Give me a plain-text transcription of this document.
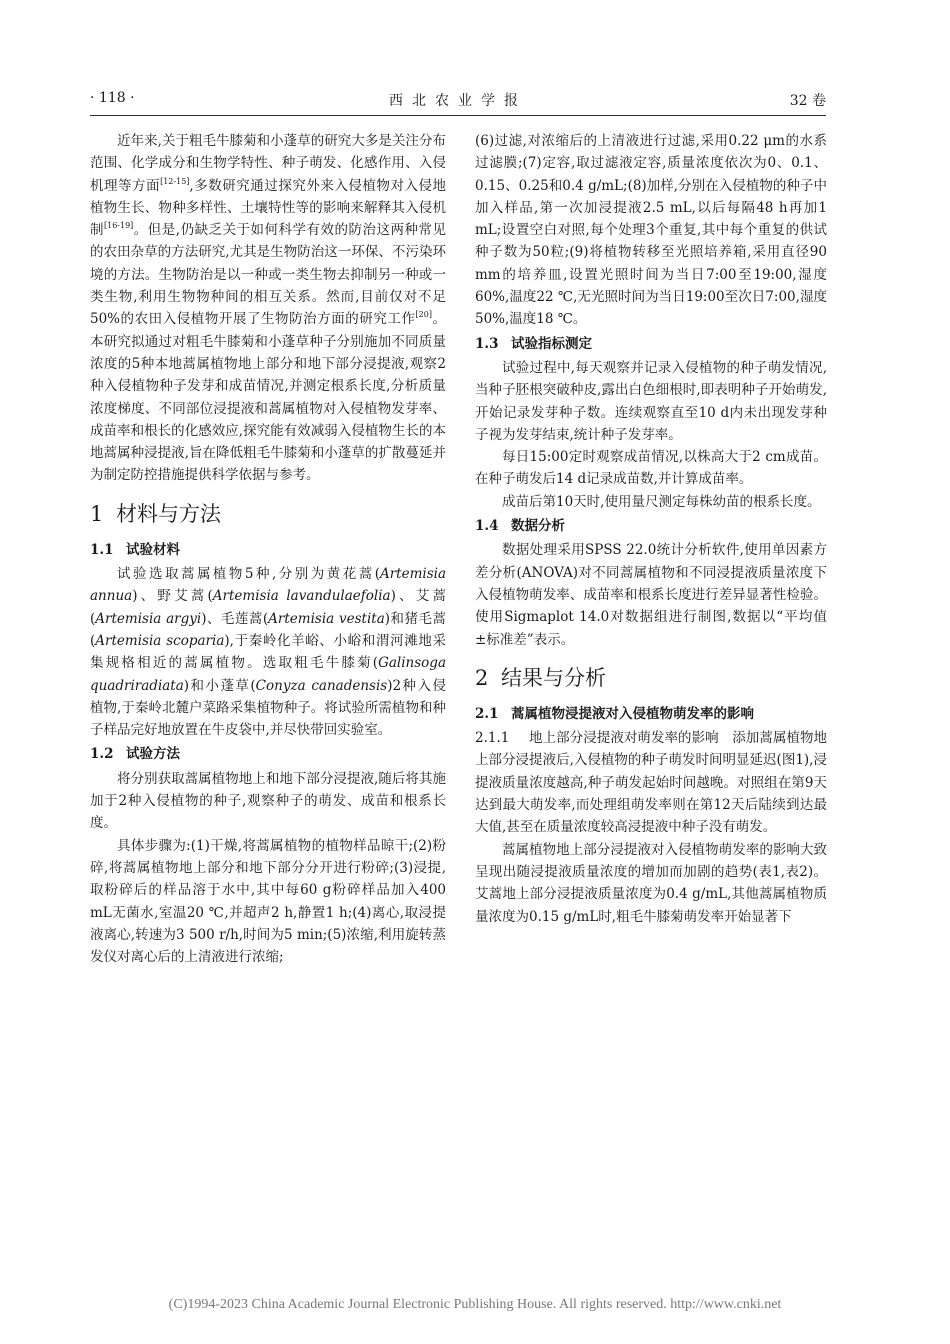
· 118 ·	西北农业学报	32 卷

近年来,关于粗毛牛膝菊和小蓬草的研究大多是关注分布范围、化学成分和生物学特性、种子萌发、化感作用、入侵机理等方面[12-15],多数研究通过探究外来入侵植物对入侵地植物生长、物种多样性、土壤特性等的影响来解释其入侵机制[16-19]。但是,仍缺乏关于如何科学有效的防治这两种常见的农田杂草的方法研究,尤其是生物防治这一环保、不污染环境的方法。生物防治是以一种或一类生物去抑制另一种或一类生物,利用生物物种间的相互关系。然而,目前仅对不足50%的农田入侵植物开展了生物防治方面的研究工作[20]。本研究拟通过对粗毛牛膝菊和小蓬草种子分别施加不同质量浓度的5种本地蒿属植物地上部分和地下部分浸提液,观察2种入侵植物种子发芽和成苗情况,并测定根系长度,分析质量浓度梯度、不同部位浸提液和蒿属植物对入侵植物发芽率、成苗率和根长的化感效应,探究能有效减弱入侵植物生长的本地蒿属种浸提液,旨在降低粗毛牛膝菊和小蓬草的扩散蔓延并为制定防控措施提供科学依据与参考。

1 材料与方法
1.1 试验材料

试验选取蒿属植物5种,分别为黄花蒿(Artemisia annua)、野艾蒿(Artemisia lavandulaefolia)、艾蒿(Artemisia argyi)、毛莲蒿(Artemisia vestita)和猪毛蒿(Artemisia scoparia),于秦岭化羊峪、小峪和渭河滩地采集规格相近的蒿属植物。选取粗毛牛膝菊(Galinsoga quadriradiata)和小蓬草(Conyza canadensis)2种入侵植物,于秦岭北麓户菜路采集植物种子。将试验所需植物和种子样品完好地放置在牛皮袋中,并尽快带回实验室。

1.2 试验方法

将分别获取蒿属植物地上和地下部分浸提液,随后将其施加于2种入侵植物的种子,观察种子的萌发、成苗和根系长度。

具体步骤为:(1)干燥,将蒿属植物的植物样品晾干;(2)粉碎,将蒿属植物地上部分和地下部分分开进行粉碎;(3)浸提,取粉碎后的样品溶于水中,其中每60 g粉碎样品加入400 mL无菌水,室温20 ℃,并超声2 h,静置1 h;(4)离心,取浸提液离心,转速为3 500 r/h,时间为5 min;(5)浓缩,利用旋转蒸发仪对离心后的上清液进行浓缩;

(6)过滤,对浓缩后的上清液进行过滤,采用0.22 μm的水系过滤膜;(7)定容,取过滤液定容,质量浓度依次为0、0.1、0.15、0.25和0.4 g/mL;(8)加样,分别在入侵植物的种子中加入样品,第一次加浸提液2.5 mL,以后每隔48 h再加1 mL;设置空白对照,每个处理3个重复,其中每个重复的供试种子数为50粒;(9)将植物转移至光照培养箱,采用直径90 mm的培养皿,设置光照时间为当日7:00至19:00,湿度60%,温度22 ℃,无光照时间为当日19:00至次日7:00,湿度50%,温度18 ℃。

1.3 试验指标测定

试验过程中,每天观察并记录入侵植物的种子萌发情况,当种子胚根突破种皮,露出白色细根时,即表明种子开始萌发,开始记录发芽种子数。连续观察直至10 d内未出现发芽种子视为发芽结束,统计种子发芽率。

每日15:00定时观察成苗情况,以株高大于2 cm成苗。在种子萌发后14 d记录成苗数,并计算成苗率。

成苗后第10天时,使用量尺测定每株幼苗的根系长度。

1.4 数据分析

数据处理采用SPSS 22.0统计分析软件,使用单因素方差分析(ANOVA)对不同蒿属植物和不同浸提液质量浓度下入侵植物萌发率、成苗率和根系长度进行差异显著性检验。使用Sigmaplot 14.0对数据组进行制图,数据以“平均值±标准差”表示。

2 结果与分析
2.1 蒿属植物浸提液对入侵植物萌发率的影响

2.1.1 地上部分浸提液对萌发率的影响  添加蒿属植物地上部分浸提液后,入侵植物的种子萌发时间明显延迟(图1),浸提液质量浓度越高,种子萌发起始时间越晚。对照组在第9天达到最大萌发率,而处理组萌发率则在第12天后陆续到达最大值,甚至在质量浓度较高浸提液中种子没有萌发。

蒿属植物地上部分浸提液对入侵植物萌发率的影响大致呈现出随浸提液质量浓度的增加而加剧的趋势(表1,表2)。艾蒿地上部分浸提液质量浓度为0.4 g/mL,其他蒿属植物质量浓度为0.15 g/mL时,粗毛牛膝菊萌发率开始显著下

(C)1994-2023 China Academic Journal Electronic Publishing House. All rights reserved. http://www.cnki.net
